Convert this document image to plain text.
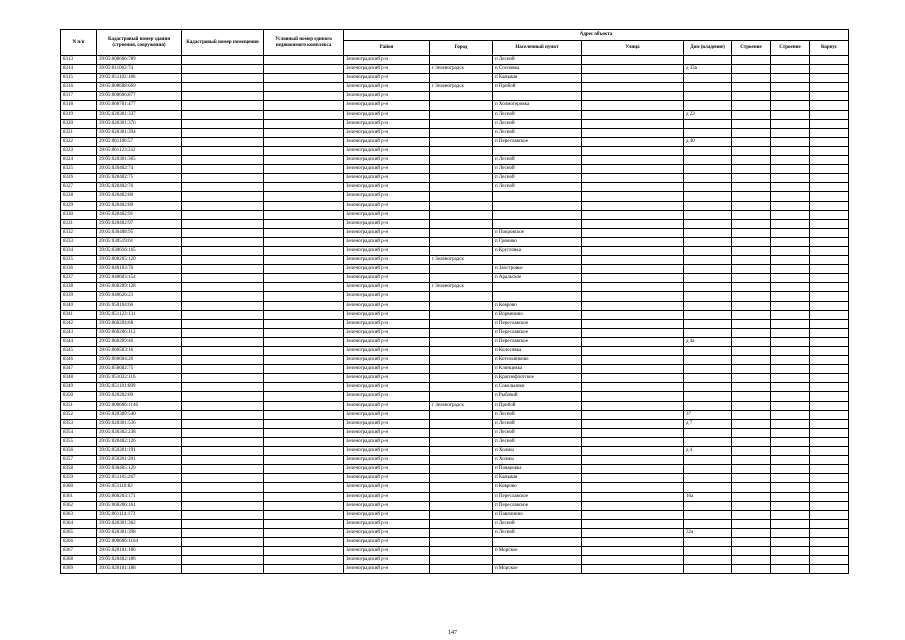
N п/п	Кадастровый номер здания (строения, сооружения)	Кадастровый номер помещения	Условный номер единого недвижимого комплекса	Адрес объекта							
				Район	Город	Населенный пункт	Улица	Дом (владение)	Строение	Строение	Корпус
8313	39:05:000606:789			Зеленоградский р-н		п Лесной					
8314	39:05:011002:74			Зеленоградский р-н	г Зеленоградск	п Сосновка		д 33а			
8315	39:05:051102:186			Зеленоградский р-н		п Камыши					
8316	39:05:000608:669			Зеленоградский р-н	г Зеленоградск	п Прибой					
8317	39:05:000606:877			Зеленоградский р-н							
8318	39:05:060701:477			Зеленоградский р-н		п Холмогоровка					
8319	39:05:020301:337			Зеленоградский р-н		п Лесной		д 23			
8320	39:05:020301:376			Зеленоградский р-н		п Лесной					
8321	39:05:020301:394			Зеленоградский р-н		п Лесной					
8322	39:05:061106:57			Зеленоградский р-н		п Переславское		д 40			
8323	39:05:061123:332			Зеленоградский р-н							
8324	39:05:020301:365			Зеленоградский р-н		п Лесной					
8325	39:05:020402:74			Зеленоградский р-н		п Лесной					
8326	39:05:020402:75			Зеленоградский р-н		п Лесной					
8327	39:05:020402:76			Зеленоградский р-н		п Лесной					
8328	39:05:020402:80			Зеленоградский р-н							
8329	39:05:020402:89			Зеленоградский р-н							
8330	39:05:020402:91			Зеленоградский р-н							
8331	39:05:020402:97			Зеленоградский р-н							
8332	39:05:030408:95			Зеленоградский р-н		п Покровское					
8333	39:05:030519:61			Зеленоградский р-н		п Громово					
8334	39:05:030616:165			Зеленоградский р-н		п Кругловка					
8335	39:05:000205:120			Зеленоградский р-н	г Зеленоградск						
8336	39:05:040103:76			Зеленоградский р-н		п Заостровье					
8337	39:05:040603:154			Зеленоградский р-н		п Аральское					
8338	39:05:000209:128			Зеленоградский р-н	г Зеленоградск						
8339	39:05:040626:23			Зеленоградский р-н							
8340	39:05:050104:66			Зеленоградский р-н		п Коврово					
8341	39:05:051123:131			Зеленоградский р-н		п Ворвинино					
8342	39:05:060204:68			Зеленоградский р-н		п Переславское					
8343	39:05:060206:112			Зеленоградский р-н		п Переславское					
8344	39:05:060209:46			Зеленоградский р-н		п Переславское		д 4а			
8345	39:05:060503:16			Зеленоградский р-н		п Колосовка					
8346	39:05:060604:20			Зеленоградский р-н		п Котельниково					
8347	39:05:050602:75			Зеленоградский р-н		п Клинцовка					
8348	39:05:051032:116			Зеленоградский р-н		п Краснофлотское					
8349	39:05:051101:899			Зеленоградский р-н		п Сокольники					
8350	39:05:020202:89			Зеленоградский р-н		п Рыбачий					
8351	39:05:000606:1146			Зеленоградский р-н	г Зеленоградск	п Прибой					
8352	39:05:020309:540			Зеленоградский р-н		п Лесной		37			
8353	39:05:020301:536			Зеленоградский р-н		п Лесной		д 7			
8354	39:05:020302:238			Зеленоградский р-н		п Лесной					
8355	39:05:020402:126			Зеленоградский р-н		п Лесной					
8356	39:05:050201:191			Зеленоградский р-н		п Холмы		д 4			
8357	39:05:050201:201			Зеленоградский р-н		п Холмы					
8358	39:05:030405:129			Зеленоградский р-н		п Поваровка					
8359	29:05:051105:267			Зеленоградский р-н		п Камыши					
8360	39:05:051110:82			Зеленоградский р-н		п Коврово					
8361	39:05:060203:171			Зеленоградский р-н		п Переславское		16а			
8362	39:05:060206:161			Зеленоградский р-н		п Переславское					
8363	39:05:061114:173			Зеленоградский р-н		п Павлинино					
8364	39:05:020301:362			Зеленоградский р-н		п Лесной					
8365	39:05:020301:398			Зеленоградский р-н		п Лесной		32а			
8366	39:05:000606:1164			Зеленоградский р-н							
8367	39:05:020101:186			Зеленоградский р-н		п Морское					
8368	39:05:020402:186			Зеленоградский р-н							
8369	39:05:020101:188			Зеленоградский р-н		п Морское					
147
